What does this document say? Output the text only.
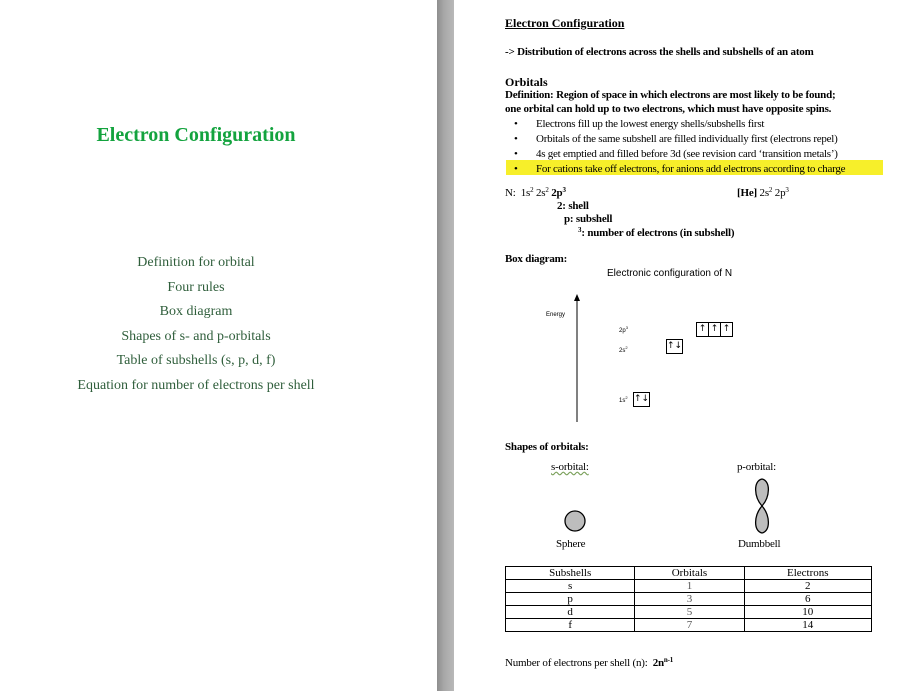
Electron Configuration
Definition for orbital
Four rules
Box diagram
Shapes of s- and p-orbitals
Table of subshells (s, p, d, f)
Equation for number of electrons per shell
Electron Configuration
-> Distribution of electrons across the shells and subshells of an atom
Orbitals
Definition: Region of space in which electrons are most likely to be found;
one orbital can hold up to two electrons, which must have opposite spins.
• Electrons fill up the lowest energy shells/subshells first
• Orbitals of the same subshell are filled individually first (electrons repel)
• 4s get emptied and filled before 3d (see revision card ‘transition metals’)
• For cations take off electrons, for anions add electrons according to charge
N: $1s^2$ $2s^2$ $2p^3$	[He] $2s^2$ $2p^3$
2: shell
p: subshell
$^3$: number of electrons (in subshell)
Box diagram:
Electronic configuration of N
Energy
$2p^3$
$2s^2$
$1s^2$
↑ ↑ ↑
↑↓
↑↓
Shapes of orbitals:
s-orbital:	p-orbital:
Sphere	Dumbbell
Subshells	Orbitals	Electrons
s	1	2
p	3	6
d	5	10
f	7	14
Number of electrons per shell (n): $2n^{n-1}$
